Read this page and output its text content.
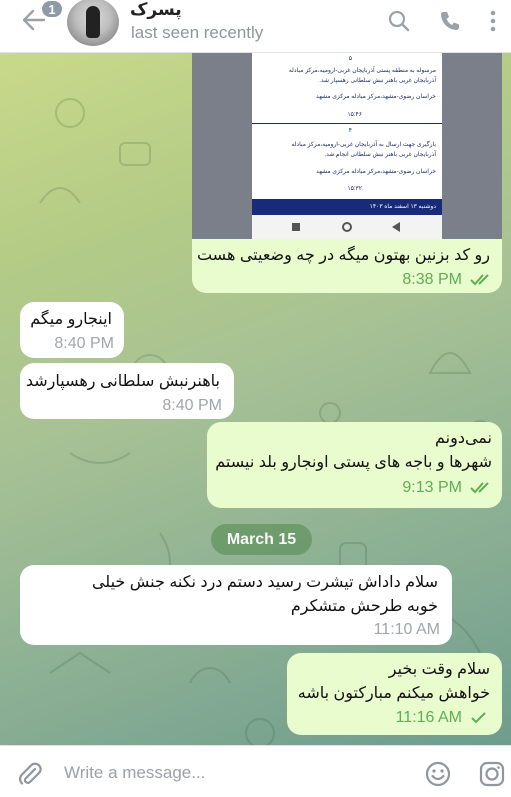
1	پسرک
last seen recently
۵
مرسوله به منطقه پستی آذربایجان غربی-ارومیه،مرکز مبادله
آذربایجان غربی باهنر نبش سلطانی رهسپار شد.
خراسان رضوی-مشهد،مرکز مبادله مرکزی مشهد
۱۵:۴۶
۴
بارگیری جهت ارسال به آذربایجان غربی-ارومیه،مرکز مبادله
آذربایجان غربی باهنر نبش سلطانی انجام شد.
خراسان رضوی-مشهد،مرکز مبادله مرکزی مشهد
۱۵:۳۲
دوشنبه ۱۳ اسفند ماه ۱۴۰۳
رو کد بزنین بهتون میگه در چه وضعیتی هست
8:38 PM
اینجارو میگم
8:40 PM
باهنرنبش سلطانی رهسپارشد
8:40 PM
نمی‌دونم
شهرها و باجه های پستی اونجارو بلد نیستم
9:13 PM
March 15
سلام داداش تیشرت رسید دستم درد نکنه جنش خیلی
خوبه طرحش متشکرم
11:10 AM
سلام وقت بخیر
خواهش میکنم مبارکتون باشه
11:16 AM
Write a message...
